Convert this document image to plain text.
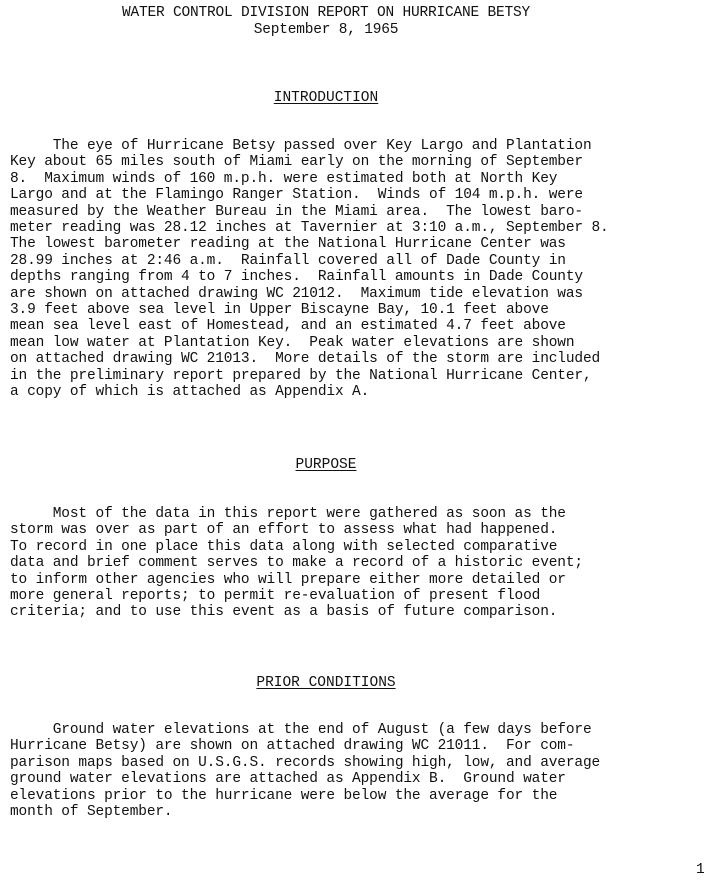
WATER CONTROL DIVISION REPORT ON HURRICANE BETSY
September 8, 1965
INTRODUCTION
The eye of Hurricane Betsy passed over Key Largo and Plantation
Key about 65 miles south of Miami early on the morning of September
8.  Maximum winds of 160 m.p.h. were estimated both at North Key
Largo and at the Flamingo Ranger Station.  Winds of 104 m.p.h. were
measured by the Weather Bureau in the Miami area.  The lowest baro-
meter reading was 28.12 inches at Tavernier at 3:10 a.m., September 8.
The lowest barometer reading at the National Hurricane Center was
28.99 inches at 2:46 a.m.  Rainfall covered all of Dade County in
depths ranging from 4 to 7 inches.  Rainfall amounts in Dade County
are shown on attached drawing WC 21012.  Maximum tide elevation was
3.9 feet above sea level in Upper Biscayne Bay, 10.1 feet above
mean sea level east of Homestead, and an estimated 4.7 feet above
mean low water at Plantation Key.  Peak water elevations are shown
on attached drawing WC 21013.  More details of the storm are included
in the preliminary report prepared by the National Hurricane Center,
a copy of which is attached as Appendix A.
PURPOSE
Most of the data in this report were gathered as soon as the
storm was over as part of an effort to assess what had happened.
To record in one place this data along with selected comparative
data and brief comment serves to make a record of a historic event;
to inform other agencies who will prepare either more detailed or
more general reports; to permit re-evaluation of present flood
criteria; and to use this event as a basis of future comparison.
PRIOR CONDITIONS
Ground water elevations at the end of August (a few days before
Hurricane Betsy) are shown on attached drawing WC 21011.  For com-
parison maps based on U.S.G.S. records showing high, low, and average
ground water elevations are attached as Appendix B.  Ground water
elevations prior to the hurricane were below the average for the
month of September.
1
